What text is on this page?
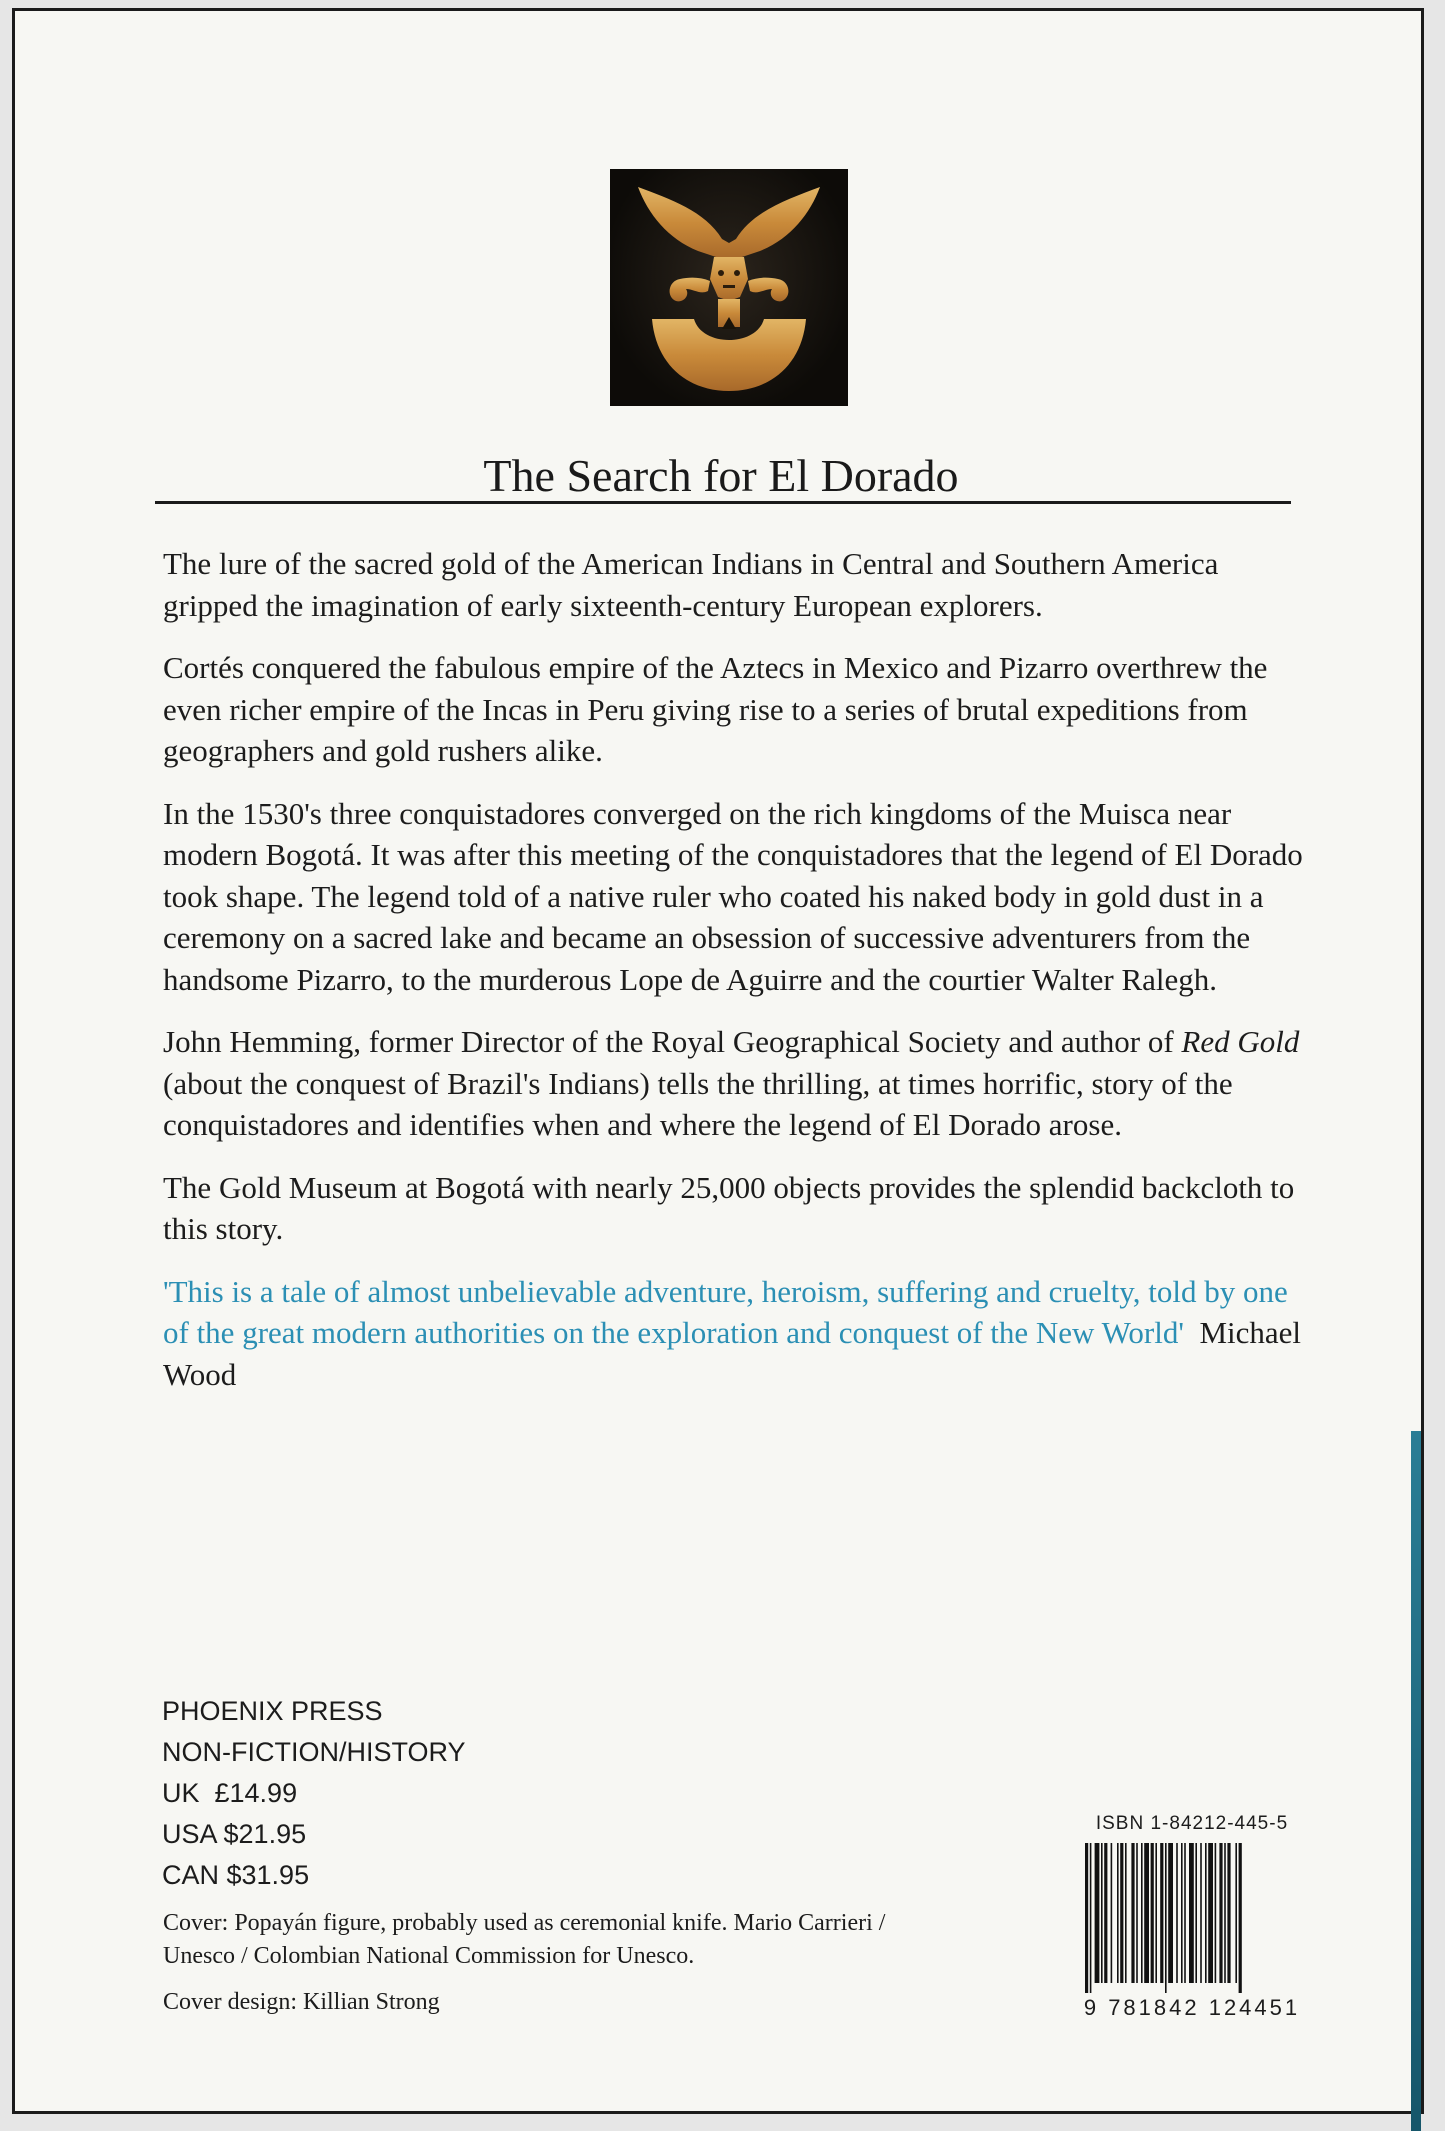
The Search for El Dorado

The lure of the sacred gold of the American Indians in Central and Southern America gripped the imagination of early sixteenth-century European explorers.

Cortés conquered the fabulous empire of the Aztecs in Mexico and Pizarro overthrew the even richer empire of the Incas in Peru giving rise to a series of brutal expeditions from geographers and gold rushers alike.

In the 1530's three conquistadores converged on the rich kingdoms of the Muisca near modern Bogotá. It was after this meeting of the conquistadores that the legend of El Dorado took shape. The legend told of a native ruler who coated his naked body in gold dust in a ceremony on a sacred lake and became an obsession of successive adventurers from the handsome Pizarro, to the murderous Lope de Aguirre and the courtier Walter Ralegh.

John Hemming, former Director of the Royal Geographical Society and author of Red Gold (about the conquest of Brazil's Indians) tells the thrilling, at times horrific, story of the conquistadores and identifies when and where the legend of El Dorado arose.

The Gold Museum at Bogotá with nearly 25,000 objects provides the splendid backcloth to this story.

'This is a tale of almost unbelievable adventure, heroism, suffering and cruelty, told by one of the great modern authorities on the exploration and conquest of the New World' Michael Wood

PHOENIX PRESS
NON-FICTION/HISTORY
UK  £14.99
USA $21.95
CAN $31.95

Cover: Popayán figure, probably used as ceremonial knife. Mario Carrieri / Unesco / Colombian National Commission for Unesco.

Cover design: Killian Strong

ISBN 1-84212-445-5
9 781842 124451
